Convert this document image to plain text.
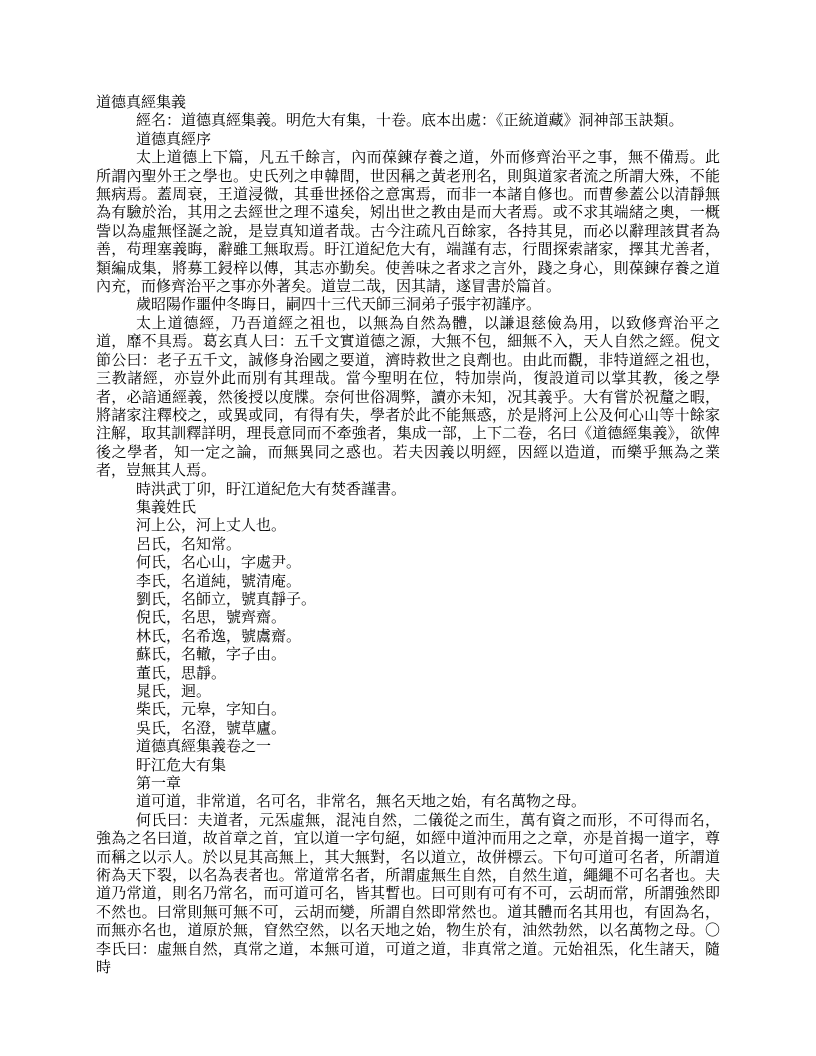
道德真經集義

經名：道德真經集義。明危大有集，十卷。底本出處：《正統道藏》洞神部玉訣類。

道德真經序

太上道德上下篇，凡五千餘言，內而葆鍊存養之道，外而修齊治平之事，無不備焉。此所謂內聖外王之學也。史氏列之申韓間，世因稱之黃老刑名，則與道家者流之所謂大殊，不能無病焉。蓋周衰，王道浸微，其垂世拯俗之意寓焉，而非一本諸自修也。而曹參蓋公以清靜無為有驗於治，其用之去經世之理不遠矣，矧出世之教由是而大者焉。或不求其端緒之奧，一概訾以為虛無怪誕之說，是豈真知道者哉。古今注疏凡百餘家，各持其見，而必以辭理該貫者為善，苟理塞義晦，辭雖工無取焉。盱江道紀危大有，端謹有志，行間探索諸家，擇其尤善者，類編成集，將募工鋟梓以傳，其志亦勤矣。使善味之者求之言外，踐之身心，則葆鍊存養之道內充，而修齊治平之事亦外著矣。道豈二哉，因其請，遂冒書於篇首。

歲昭陽作噩仲冬晦日，嗣四十三代天師三洞弟子張宇初謹序。

太上道德經，乃吾道經之祖也，以無為自然為體，以謙退慈儉為用，以致修齊治平之道，靡不具焉。葛玄真人曰：五千文實道德之源，大無不包，細無不入，天人自然之經。倪文節公曰：老子五千文，誠修身治國之要道，濟時救世之良劑也。由此而觀，非特道經之祖也，三教諸經，亦豈外此而別有其理哉。當今聖明在位，特加崇尚，復設道司以掌其教，後之學者，必諳通經義，然後授以度牒。奈何世俗凋弊，讀亦未知，况其義乎。大有嘗於祝釐之暇，將諸家注釋校之，或異或同，有得有失，學者於此不能無惑，於是將河上公及何心山等十餘家注解，取其訓釋詳明，理長意同而不牽強者，集成一部，上下二卷，名曰《道德經集義》，欲俾後之學者，知一定之論，而無異同之惑也。若夫因義以明經，因經以造道，而樂乎無為之業者，豈無其人焉。

時洪武丁卯，盱江道紀危大有焚香謹書。

集義姓氏

河上公，河上丈人也。

呂氏，名知常。

何氏，名心山，字處尹。

李氏，名道純，號清庵。

劉氏，名師立，號真靜子。

倪氏，名思，號齊齋。

林氏，名希逸，號鬳齋。

蘇氏，名轍，字子由。

董氏，思靜。

晁氏，迴。

柴氏，元皋，字知白。

吳氏，名澄，號草廬。

道德真經集義卷之一

盱江危大有集

第一章

道可道，非常道，名可名，非常名，無名天地之始，有名萬物之母。

何氏曰：夫道者，元炁虛無，混沌自然，二儀從之而生，萬有資之而形，不可得而名，強為之名曰道，故首章之首，宜以道一字句絕，如經中道沖而用之之章，亦是首揭一道字，尊而稱之以示人。於以見其高無上，其大無對，名以道立，故併標云。下句可道可名者，所謂道術為天下裂，以名為表者也。常道常名者，所謂虛無生自然，自然生道，繩繩不可名者也。夫道乃常道，則名乃常名，而可道可名，皆其暫也。曰可則有可有不可，云胡而常，所謂強然即不然也。曰常則無可無不可，云胡而變，所謂自然即常然也。道其體而名其用也，有固為名，而無亦名也，道原於無，窅然空然，以名天地之始，物生於有，油然勃然，以名萬物之母。〇李氏曰：虛無自然，真常之道，本無可道，可道之道，非真常之道。元始祖炁，化生諸天，隨時
